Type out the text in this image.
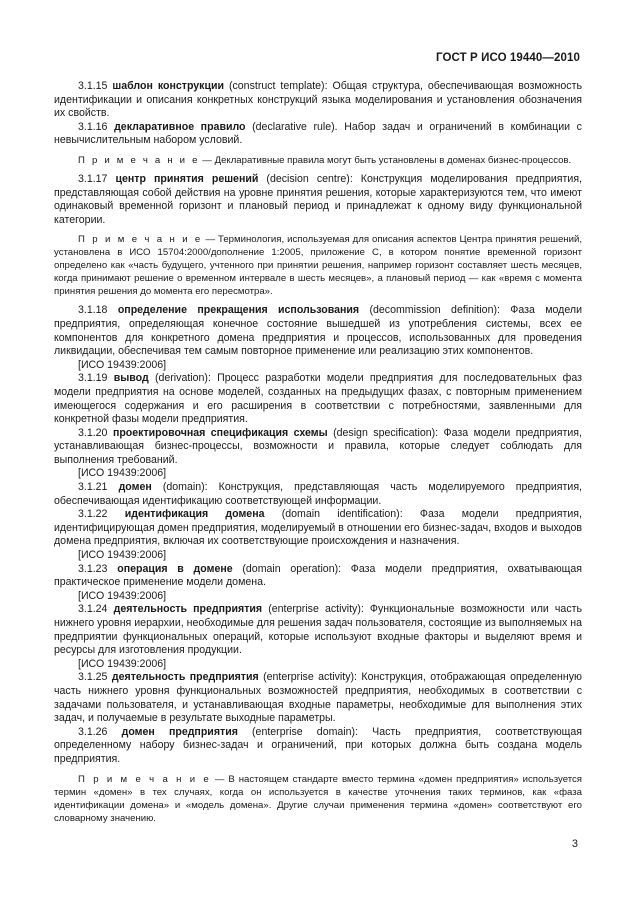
ГОСТ Р ИСО 19440—2010

3.1.15 шаблон конструкции (construct template): Общая структура, обеспечивающая возможность идентификации и описания конкретных конструкций языка моделирования и установления обозначения их свойств.

3.1.16 декларативное правило (declarative rule). Набор задач и ограничений в комбинации с невычислительным набором условий.

П р и м е ч а н и е — Декларативные правила могут быть установлены в доменах бизнес-процессов.

3.1.17 центр принятия решений (decision centre): Конструкция моделирования предприятия, представляющая собой действия на уровне принятия решения, которые характеризуются тем, что имеют одинаковый временной горизонт и плановый период и принадлежат к одному виду функциональной категории.

П р и м е ч а н и е — Терминология, используемая для описания аспектов Центра принятия решений, установлена в ИСО 15704:2000/дополнение 1:2005, приложение С, в котором понятие временной горизонт определено как «часть будущего, учтенного при принятии решения, например горизонт составляет шесть месяцев, когда принимают решение о временном интервале в шесть месяцев», а плановый период — как «время с момента принятия решения до момента его пересмотра».

3.1.18 определение прекращения использования (decommission definition): Фаза модели предприятия, определяющая конечное состояние вышедшей из употребления системы, всех ее компонентов для конкретного домена предприятия и процессов, использованных для проведения ликвидации, обеспечивая тем самым повторное применение или реализацию этих компонентов.

[ИСО 19439:2006]

3.1.19 вывод (derivation): Процесс разработки модели предприятия для последовательных фаз модели предприятия на основе моделей, созданных на предыдущих фазах, с повторным применением имеющегося содержания и его расширения в соответствии с потребностями, заявленными для конкретной фазы модели предприятия.

3.1.20 проектировочная спецификация схемы (design specification): Фаза модели предприятия, устанавливающая бизнес-процессы, возможности и правила, которые следует соблюдать для выполнения требований.

[ИСО 19439:2006]

3.1.21 домен (domain): Конструкция, представляющая часть моделируемого предприятия, обеспечивающая идентификацию соответствующей информации.

3.1.22 идентификация домена (domain identification): Фаза модели предприятия, идентифицирующая домен предприятия, моделируемый в отношении его бизнес-задач, входов и выходов домена предприятия, включая их соответствующие происхождения и назначения.

[ИСО 19439:2006]

3.1.23 операция в домене (domain operation): Фаза модели предприятия, охватывающая практическое применение модели домена.

[ИСО 19439:2006]

3.1.24 деятельность предприятия (enterprise activity): Функциональные возможности или часть нижнего уровня иерархии, необходимые для решения задач пользователя, состоящие из выполняемых на предприятии функциональных операций, которые используют входные факторы и выделяют время и ресурсы для изготовления продукции.

[ИСО 19439:2006]

3.1.25 деятельность предприятия (enterprise activity): Конструкция, отображающая определенную часть нижнего уровня функциональных возможностей предприятия, необходимых в соответствии с задачами пользователя, и устанавливающая входные параметры, необходимые для выполнения этих задач, и получаемые в результате выходные параметры.

3.1.26 домен предприятия (enterprise domain): Часть предприятия, соответствующая определенному набору бизнес-задач и ограничений, при которых должна быть создана модель предприятия.

П р и м е ч а н и е — В настоящем стандарте вместо термина «домен предприятия» используется термин «домен» в тех случаях, когда он используется в качестве уточнения таких терминов, как «фаза идентификации домена» и «модель домена». Другие случаи применения термина «домен» соответствуют его словарному значению.

3
